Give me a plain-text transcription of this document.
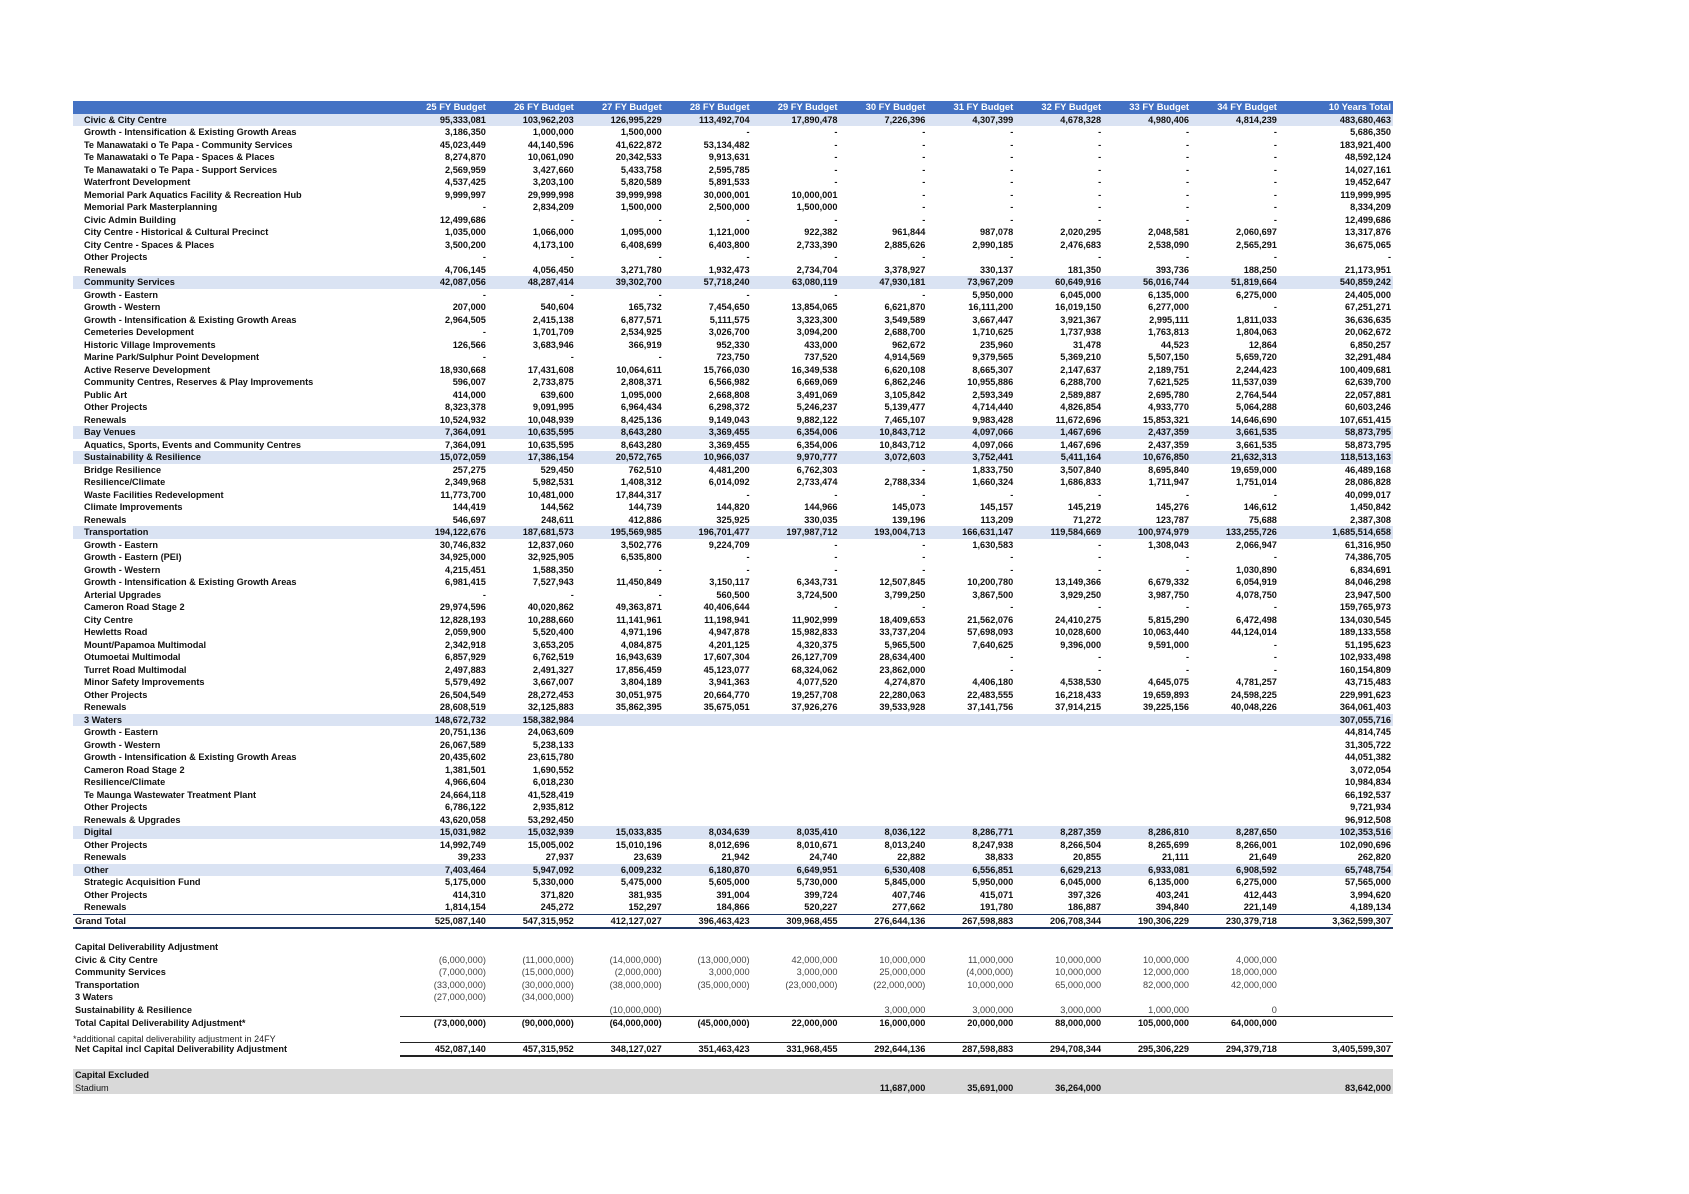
	25 FY Budget	26 FY Budget	27 FY Budget	28 FY Budget	29 FY Budget	30 FY Budget	31 FY Budget	32 FY Budget	33 FY Budget	34 FY Budget	10 Years Total
Civic & City Centre	95,333,081	103,962,203	126,995,229	113,492,704	17,890,478	7,226,396	4,307,399	4,678,328	4,980,406	4,814,239	483,680,463
Growth - Intensification & Existing Growth Areas	3,186,350	1,000,000	1,500,000	-	-	-	-	-	-	-	5,686,350
Te Manawataki o Te Papa - Community Services	45,023,449	44,140,596	41,622,872	53,134,482	-	-	-	-	-	-	183,921,400
Te Manawataki o Te Papa - Spaces & Places	8,274,870	10,061,090	20,342,533	9,913,631	-	-	-	-	-	-	48,592,124
Te Manawataki o Te Papa - Support Services	2,569,959	3,427,660	5,433,758	2,595,785	-	-	-	-	-	-	14,027,161
Waterfront Development	4,537,425	3,203,100	5,820,589	5,891,533	-	-	-	-	-	-	19,452,647
Memorial Park Aquatics Facility & Recreation Hub	9,999,997	29,999,998	39,999,998	30,000,001	10,000,001	-	-	-	-	-	119,999,995
Memorial Park Masterplanning	-	2,834,209	1,500,000	2,500,000	1,500,000	-	-	-	-	-	8,334,209
Civic Admin Building	12,499,686	-	-	-	-	-	-	-	-	-	12,499,686
City Centre - Historical & Cultural Precinct	1,035,000	1,066,000	1,095,000	1,121,000	922,382	961,844	987,078	2,020,295	2,048,581	2,060,697	13,317,876
City Centre - Spaces & Places	3,500,200	4,173,100	6,408,699	6,403,800	2,733,390	2,885,626	2,990,185	2,476,683	2,538,090	2,565,291	36,675,065
Other Projects	-	-	-	-	-	-	-	-	-	-	-
Renewals	4,706,145	4,056,450	3,271,780	1,932,473	2,734,704	3,378,927	330,137	181,350	393,736	188,250	21,173,951
Community Services	42,087,056	48,287,414	39,302,700	57,718,240	63,080,119	47,930,181	73,967,209	60,649,916	56,016,744	51,819,664	540,859,242
Growth - Eastern	-	-	-	-	-	-	5,950,000	6,045,000	6,135,000	6,275,000	24,405,000
Growth - Western	207,000	540,604	165,732	7,454,650	13,854,065	6,621,870	16,111,200	16,019,150	6,277,000	-	67,251,271
Growth - Intensification & Existing Growth Areas	2,964,505	2,415,138	6,877,571	5,111,575	3,323,300	3,549,589	3,667,447	3,921,367	2,995,111	1,811,033	36,636,635
Cemeteries Development	-	1,701,709	2,534,925	3,026,700	3,094,200	2,688,700	1,710,625	1,737,938	1,763,813	1,804,063	20,062,672
Historic Village Improvements	126,566	3,683,946	366,919	952,330	433,000	962,672	235,960	31,478	44,523	12,864	6,850,257
Marine Park/Sulphur Point Development	-	-	-	723,750	737,520	4,914,569	9,379,565	5,369,210	5,507,150	5,659,720	32,291,484
Active Reserve Development	18,930,668	17,431,608	10,064,611	15,766,030	16,349,538	6,620,108	8,665,307	2,147,637	2,189,751	2,244,423	100,409,681
Community Centres, Reserves & Play Improvements	596,007	2,733,875	2,808,371	6,566,982	6,669,069	6,862,246	10,955,886	6,288,700	7,621,525	11,537,039	62,639,700
Public Art	414,000	639,600	1,095,000	2,668,808	3,491,069	3,105,842	2,593,349	2,589,887	2,695,780	2,764,544	22,057,881
Other Projects	8,323,378	9,091,995	6,964,434	6,298,372	5,246,237	5,139,477	4,714,440	4,826,854	4,933,770	5,064,288	60,603,246
Renewals	10,524,932	10,048,939	8,425,136	9,149,043	9,882,122	7,465,107	9,983,428	11,672,696	15,853,321	14,646,690	107,651,415
Bay Venues	7,364,091	10,635,595	8,643,280	3,369,455	6,354,006	10,843,712	4,097,066	1,467,696	2,437,359	3,661,535	58,873,795
Aquatics, Sports, Events and Community Centres	7,364,091	10,635,595	8,643,280	3,369,455	6,354,006	10,843,712	4,097,066	1,467,696	2,437,359	3,661,535	58,873,795
Sustainability & Resilience	15,072,059	17,386,154	20,572,765	10,966,037	9,970,777	3,072,603	3,752,441	5,411,164	10,676,850	21,632,313	118,513,163
Bridge Resilience	257,275	529,450	762,510	4,481,200	6,762,303	-	1,833,750	3,507,840	8,695,840	19,659,000	46,489,168
Resilience/Climate	2,349,968	5,982,531	1,408,312	6,014,092	2,733,474	2,788,334	1,660,324	1,686,833	1,711,947	1,751,014	28,086,828
Waste Facilities Redevelopment	11,773,700	10,481,000	17,844,317	-	-	-	-	-	-	-	40,099,017
Climate Improvements	144,419	144,562	144,739	144,820	144,966	145,073	145,157	145,219	145,276	146,612	1,450,842
Renewals	546,697	248,611	412,886	325,925	330,035	139,196	113,209	71,272	123,787	75,688	2,387,308
Transportation	194,122,676	187,681,573	195,569,985	196,701,477	197,987,712	193,004,713	166,631,147	119,584,669	100,974,979	133,255,726	1,685,514,658
Growth - Eastern	30,746,832	12,837,060	3,502,776	9,224,709	-	-	1,630,583	-	1,308,043	2,066,947	61,316,950
Growth - Eastern (PEI)	34,925,000	32,925,905	6,535,800	-	-	-	-	-	-	-	74,386,705
Growth - Western	4,215,451	1,588,350	-	-	-	-	-	-	-	1,030,890	6,834,691
Growth - Intensification & Existing Growth Areas	6,981,415	7,527,943	11,450,849	3,150,117	6,343,731	12,507,845	10,200,780	13,149,366	6,679,332	6,054,919	84,046,298
Arterial Upgrades	-	-	-	560,500	3,724,500	3,799,250	3,867,500	3,929,250	3,987,750	4,078,750	23,947,500
Cameron Road Stage 2	29,974,596	40,020,862	49,363,871	40,406,644	-	-	-	-	-	-	159,765,973
City Centre	12,828,193	10,288,660	11,141,961	11,198,941	11,902,999	18,409,653	21,562,076	24,410,275	5,815,290	6,472,498	134,030,545
Hewletts Road	2,059,900	5,520,400	4,971,196	4,947,878	15,982,833	33,737,204	57,698,093	10,028,600	10,063,440	44,124,014	189,133,558
Mount/Papamoa Multimodal	2,342,918	3,653,205	4,084,875	4,201,125	4,320,375	5,965,500	7,640,625	9,396,000	9,591,000	-	51,195,623
Otumoetai Multimodal	6,857,929	6,762,519	16,943,639	17,607,304	26,127,709	28,634,400	-	-	-	-	102,933,498
Turret Road Multimodal	2,497,883	2,491,327	17,856,459	45,123,077	68,324,062	23,862,000	-	-	-	-	160,154,809
Minor Safety Improvements	5,579,492	3,667,007	3,804,189	3,941,363	4,077,520	4,274,870	4,406,180	4,538,530	4,645,075	4,781,257	43,715,483
Other Projects	26,504,549	28,272,453	30,051,975	20,664,770	19,257,708	22,280,063	22,483,555	16,218,433	19,659,893	24,598,225	229,991,623
Renewals	28,608,519	32,125,883	35,862,395	35,675,051	37,926,276	39,533,928	37,141,756	37,914,215	39,225,156	40,048,226	364,061,403
3 Waters	148,672,732	158,382,984									307,055,716
Growth - Eastern	20,751,136	24,063,609									44,814,745
Growth - Western	26,067,589	5,238,133									31,305,722
Growth - Intensification & Existing Growth Areas	20,435,602	23,615,780									44,051,382
Cameron Road Stage 2	1,381,501	1,690,552									3,072,054
Resilience/Climate	4,966,604	6,018,230									10,984,834
Te Maunga Wastewater Treatment Plant	24,664,118	41,528,419									66,192,537
Other Projects	6,786,122	2,935,812									9,721,934
Renewals & Upgrades	43,620,058	53,292,450									96,912,508
Digital	15,031,982	15,032,939	15,033,835	8,034,639	8,035,410	8,036,122	8,286,771	8,287,359	8,286,810	8,287,650	102,353,516
Other Projects	14,992,749	15,005,002	15,010,196	8,012,696	8,010,671	8,013,240	8,247,938	8,266,504	8,265,699	8,266,001	102,090,696
Renewals	39,233	27,937	23,639	21,942	24,740	22,882	38,833	20,855	21,111	21,649	262,820
Other	7,403,464	5,947,092	6,009,232	6,180,870	6,649,951	6,530,408	6,556,851	6,629,213	6,933,081	6,908,592	65,748,754
Strategic Acquisition Fund	5,175,000	5,330,000	5,475,000	5,605,000	5,730,000	5,845,000	5,950,000	6,045,000	6,135,000	6,275,000	57,565,000
Other Projects	414,310	371,820	381,935	391,004	399,724	407,746	415,071	397,326	403,241	412,443	3,994,620
Renewals	1,814,154	245,272	152,297	184,866	520,227	277,662	191,780	186,887	394,840	221,149	4,189,134
Grand Total	525,087,140	547,315,952	412,127,027	396,463,423	309,968,455	276,644,136	267,598,883	206,708,344	190,306,229	230,379,718	3,362,599,307

Capital Deliverability Adjustment											
Civic & City Centre	(6,000,000)	(11,000,000)	(14,000,000)	(13,000,000)	42,000,000	10,000,000	11,000,000	10,000,000	10,000,000	4,000,000	
Community Services	(7,000,000)	(15,000,000)	(2,000,000)	3,000,000	3,000,000	25,000,000	(4,000,000)	10,000,000	12,000,000	18,000,000	
Transportation	(33,000,000)	(30,000,000)	(38,000,000)	(35,000,000)	(23,000,000)	(22,000,000)	10,000,000	65,000,000	82,000,000	42,000,000	
3 Waters	(27,000,000)	(34,000,000)									
Sustainability & Resilience			(10,000,000)			3,000,000	3,000,000	3,000,000	1,000,000	0	
Total Capital Deliverability Adjustment*	(73,000,000)	(90,000,000)	(64,000,000)	(45,000,000)	22,000,000	16,000,000	20,000,000	88,000,000	105,000,000	64,000,000	

Net Capital incl Capital Deliverability Adjustment	452,087,140	457,315,952	348,127,027	351,463,423	331,968,455	292,644,136	287,598,883	294,708,344	295,306,229	294,379,718	3,405,599,307

Capital Excluded											
Stadium						11,687,000	35,691,000	36,264,000			83,642,000
*additional capital deliverability adjustment in 24FY
